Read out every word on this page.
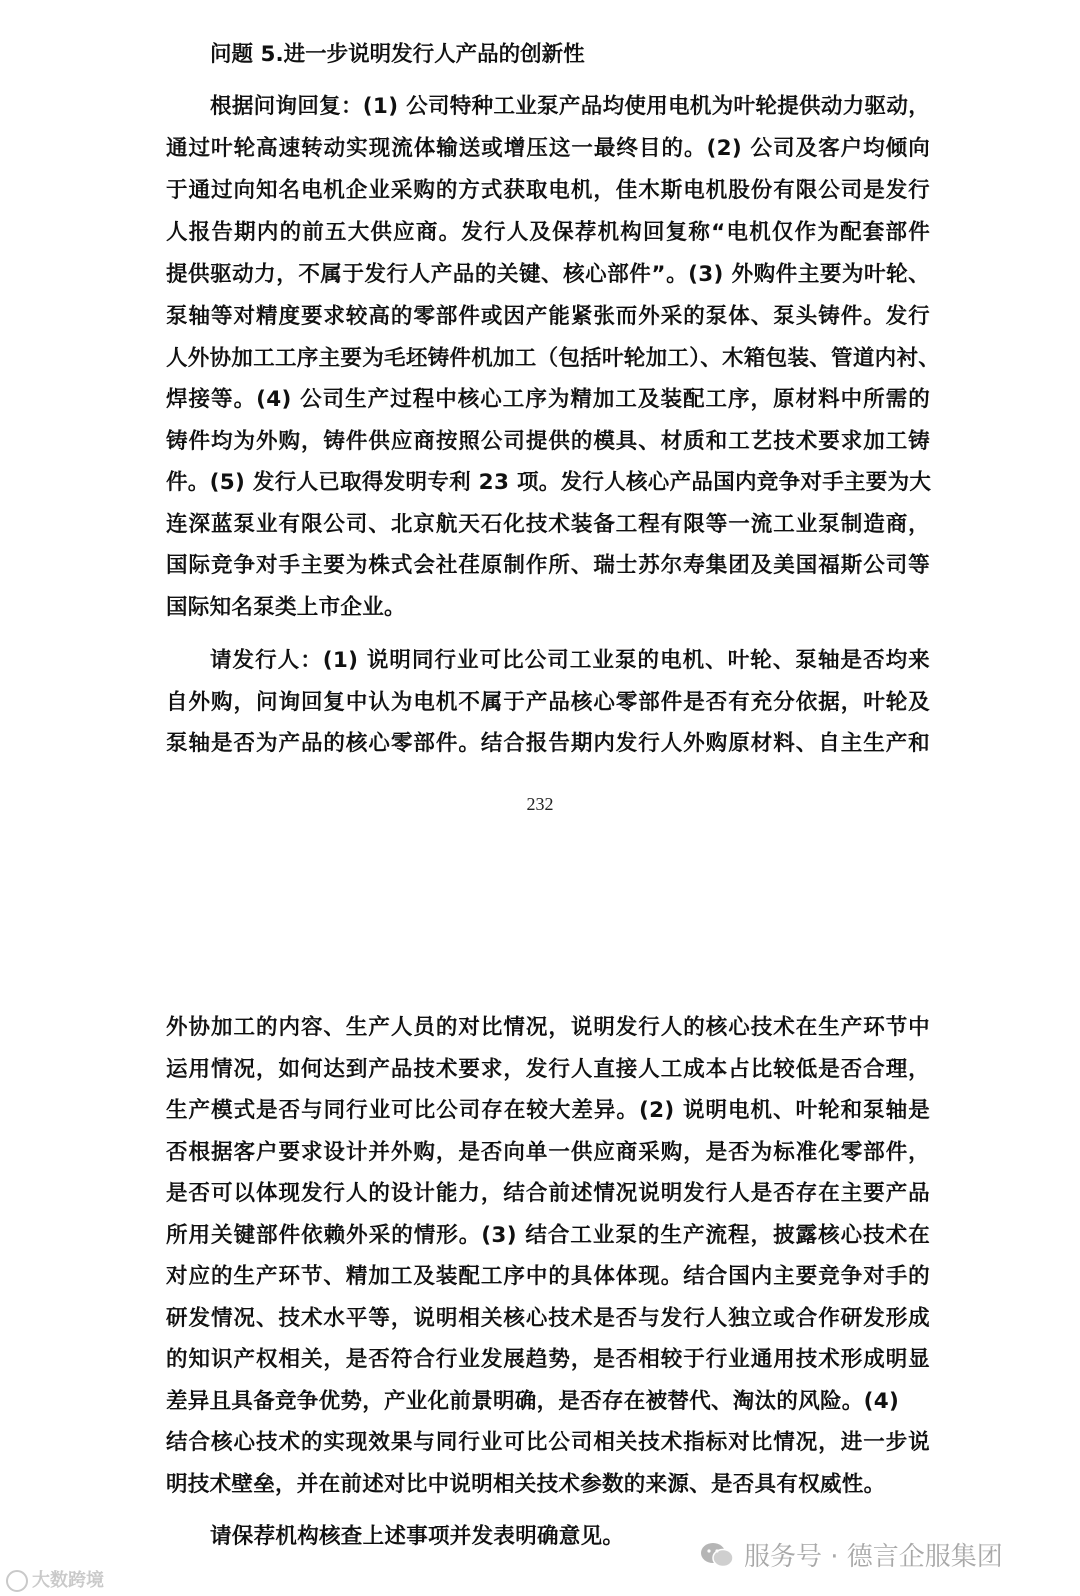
问题 5.进一步说明发行人产品的创新性
根据问询回复：(1) 公司特种工业泵产品均使用电机为叶轮提供动力驱动，
通过叶轮高速转动实现流体输送或增压这一最终目的。(2) 公司及客户均倾向
于通过向知名电机企业采购的方式获取电机，佳木斯电机股份有限公司是发行
人报告期内的前五大供应商。发行人及保荐机构回复称“电机仅作为配套部件
提供驱动力，不属于发行人产品的关键、核心部件”。(3) 外购件主要为叶轮、
泵轴等对精度要求较高的零部件或因产能紧张而外采的泵体、泵头铸件。发行
人外协加工工序主要为毛坯铸件机加工（包括叶轮加工）、木箱包装、管道内衬、
焊接等。(4) 公司生产过程中核心工序为精加工及装配工序，原材料中所需的
铸件均为外购，铸件供应商按照公司提供的模具、材质和工艺技术要求加工铸
件。(5) 发行人已取得发明专利 23 项。发行人核心产品国内竞争对手主要为大
连深蓝泵业有限公司、北京航天石化技术装备工程有限等一流工业泵制造商，
国际竞争对手主要为株式会社荏原制作所、瑞士苏尔寿集团及美国福斯公司等
国际知名泵类上市企业。
请发行人：(1) 说明同行业可比公司工业泵的电机、叶轮、泵轴是否均来
自外购，问询回复中认为电机不属于产品核心零部件是否有充分依据，叶轮及
泵轴是否为产品的核心零部件。结合报告期内发行人外购原材料、自主生产和
232
外协加工的内容、生产人员的对比情况，说明发行人的核心技术在生产环节中
运用情况，如何达到产品技术要求，发行人直接人工成本占比较低是否合理，
生产模式是否与同行业可比公司存在较大差异。(2) 说明电机、叶轮和泵轴是
否根据客户要求设计并外购，是否向单一供应商采购，是否为标准化零部件，
是否可以体现发行人的设计能力，结合前述情况说明发行人是否存在主要产品
所用关键部件依赖外采的情形。(3) 结合工业泵的生产流程，披露核心技术在
对应的生产环节、精加工及装配工序中的具体体现。结合国内主要竞争对手的
研发情况、技术水平等，说明相关核心技术是否与发行人独立或合作研发形成
的知识产权相关，是否符合行业发展趋势，是否相较于行业通用技术形成明显
差异且具备竞争优势，产业化前景明确，是否存在被替代、淘汰的风险。(4)
结合核心技术的实现效果与同行业可比公司相关技术指标对比情况，进一步说
明技术壁垒，并在前述对比中说明相关技术参数的来源、是否具有权威性。
请保荐机构核查上述事项并发表明确意见。
服务号 · 德言企服集团
大数跨境
